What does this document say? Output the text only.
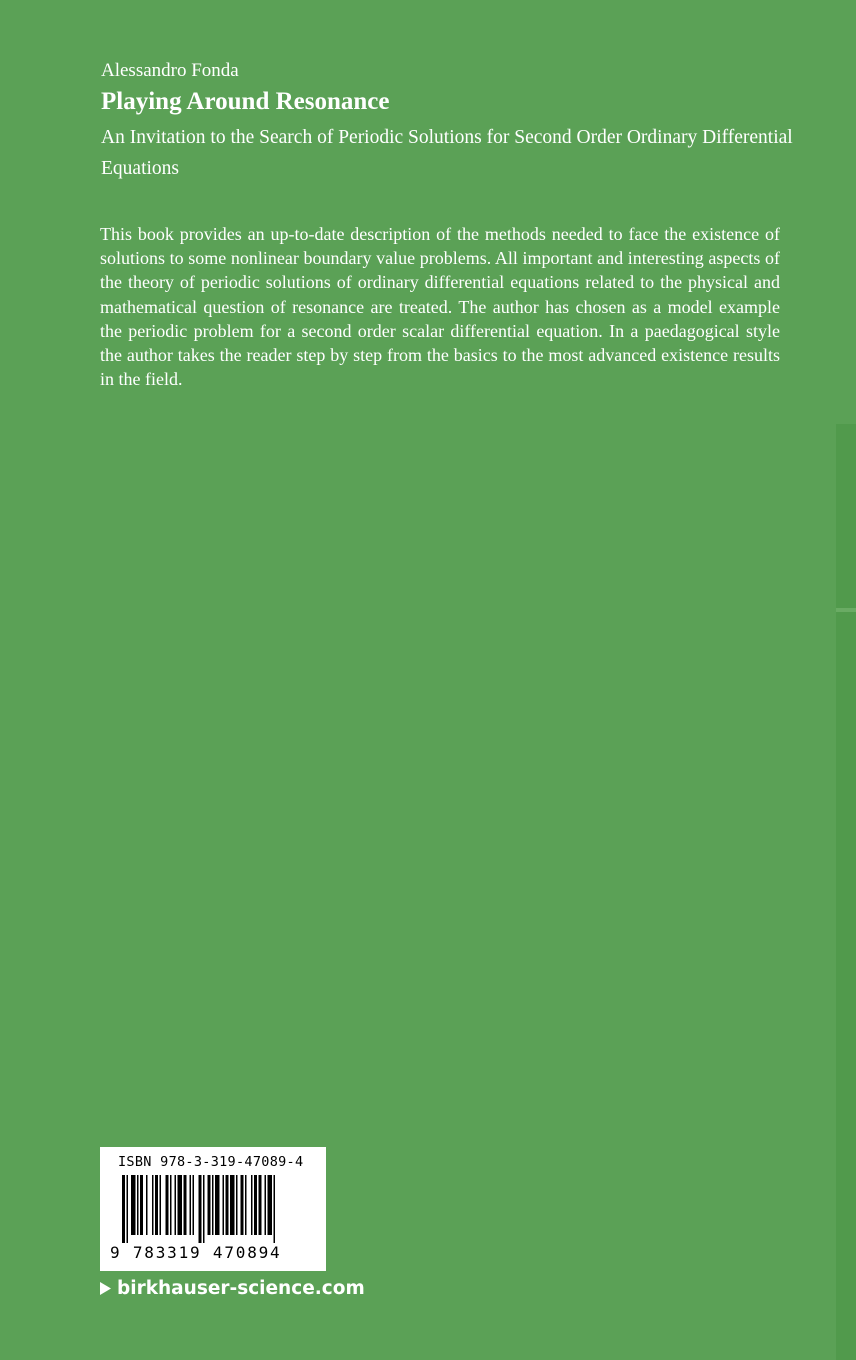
Alessandro Fonda
Playing Around Resonance
An Invitation to the Search of Periodic Solutions for Second Order Ordinary Differential Equations
This book provides an up-to-date description of the methods needed to face the existence of solutions to some nonlinear boundary value problems. All important and interesting aspects of the theory of periodic solutions of ordinary differential equations related to the physical and mathematical question of resonance are treated. The author has chosen as a model example the periodic problem for a second order scalar differential equation. In a paedagogical style the author takes the reader step by step from the basics to the most advanced existence results in the field.
ISBN 978-3-319-47089-4
9 783319 470894
birkhauser-science.com
